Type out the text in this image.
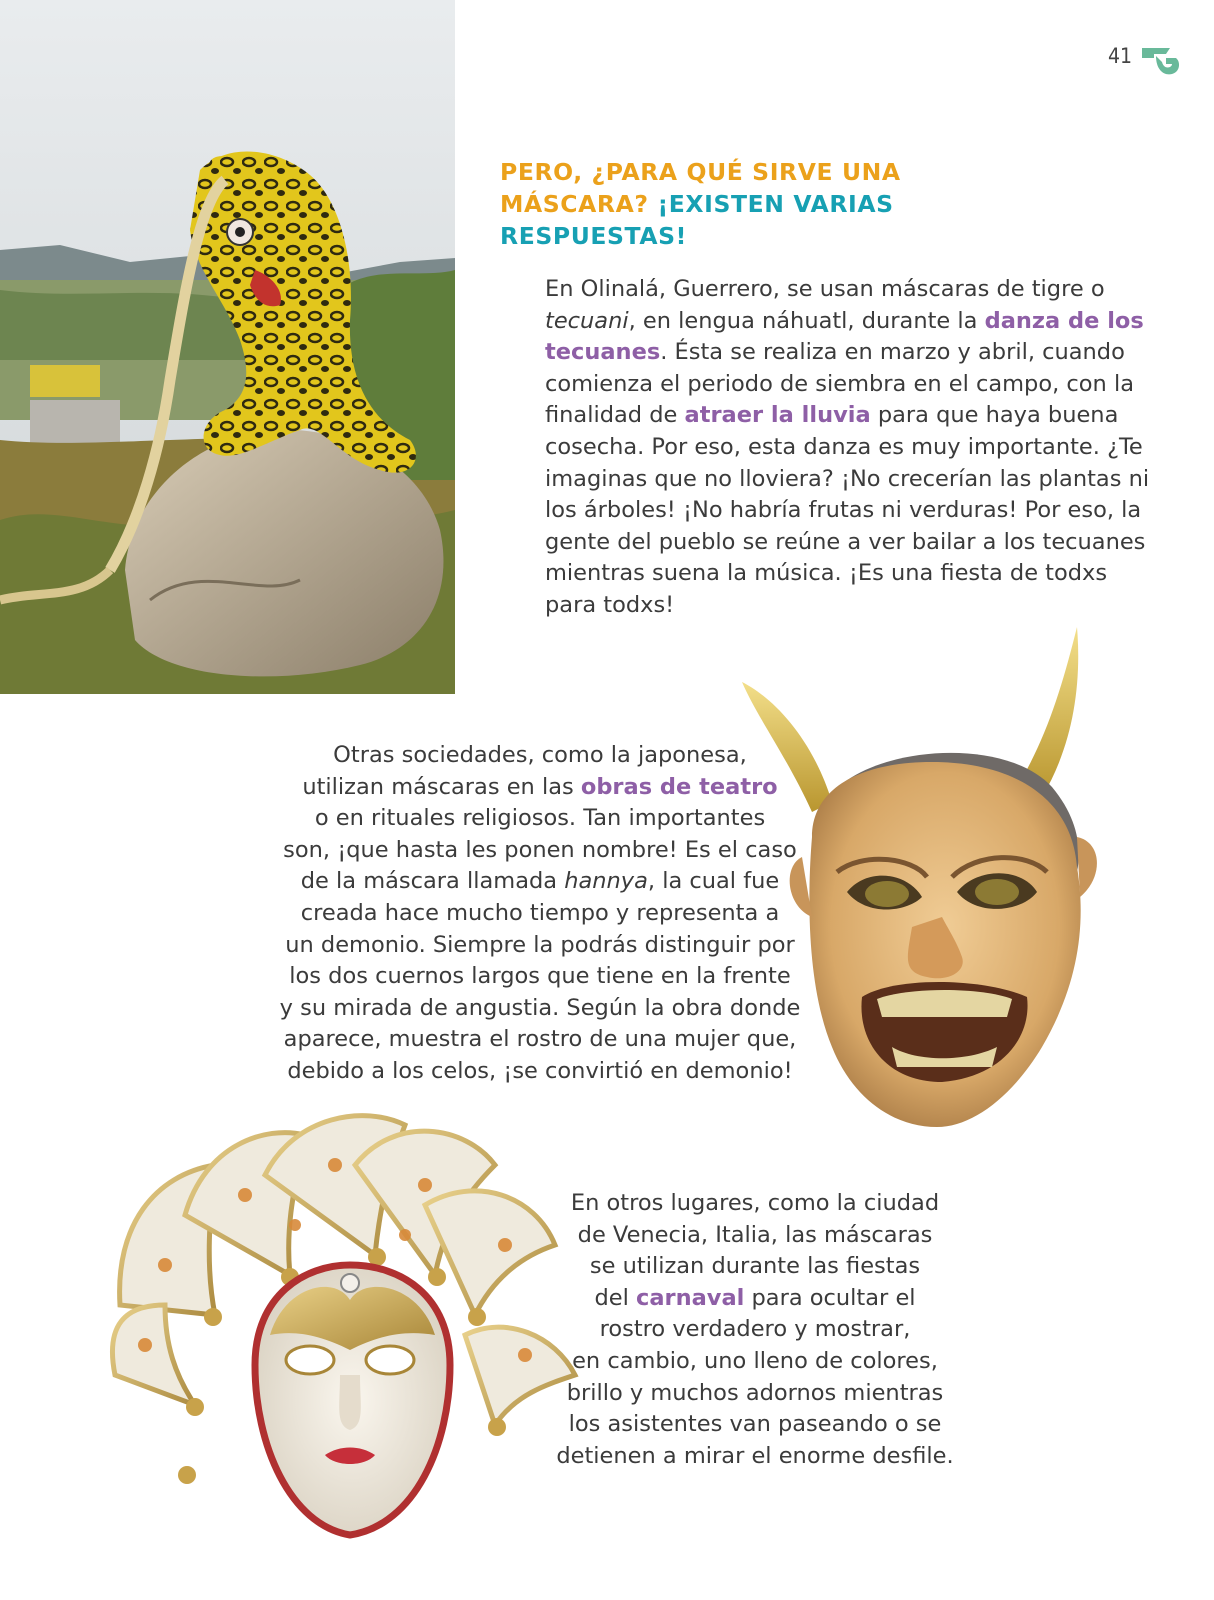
41
PERO, ¿PARA QUÉ SIRVE UNA
MÁSCARA? ¡EXISTEN VARIAS
RESPUESTAS!
En Olinalá, Guerrero, se usan máscaras de tigre o
tecuani, en lengua náhuatl, durante la danza de los
tecuanes. Ésta se realiza en marzo y abril, cuando
comienza el periodo de siembra en el campo, con la
finalidad de atraer la lluvia para que haya buena
cosecha. Por eso, esta danza es muy importante. ¿Te
imaginas que no lloviera? ¡No crecerían las plantas ni
los árboles! ¡No habría frutas ni verduras! Por eso, la
gente del pueblo se reúne a ver bailar a los tecuanes
mientras suena la música. ¡Es una fiesta de todxs
para todxs!
Otras sociedades, como la japonesa,
utilizan máscaras en las obras de teatro
o en rituales religiosos. Tan importantes
son, ¡que hasta les ponen nombre! Es el caso
de la máscara llamada hannya, la cual fue
creada hace mucho tiempo y representa a
un demonio. Siempre la podrás distinguir por
los dos cuernos largos que tiene en la frente
y su mirada de angustia. Según la obra donde
aparece, muestra el rostro de una mujer que,
debido a los celos, ¡se convirtió en demonio!
En otros lugares, como la ciudad
de Venecia, Italia, las máscaras
se utilizan durante las fiestas
del carnaval para ocultar el
rostro verdadero y mostrar,
en cambio, uno lleno de colores,
brillo y muchos adornos mientras
los asistentes van paseando o se
detienen a mirar el enorme desfile.
